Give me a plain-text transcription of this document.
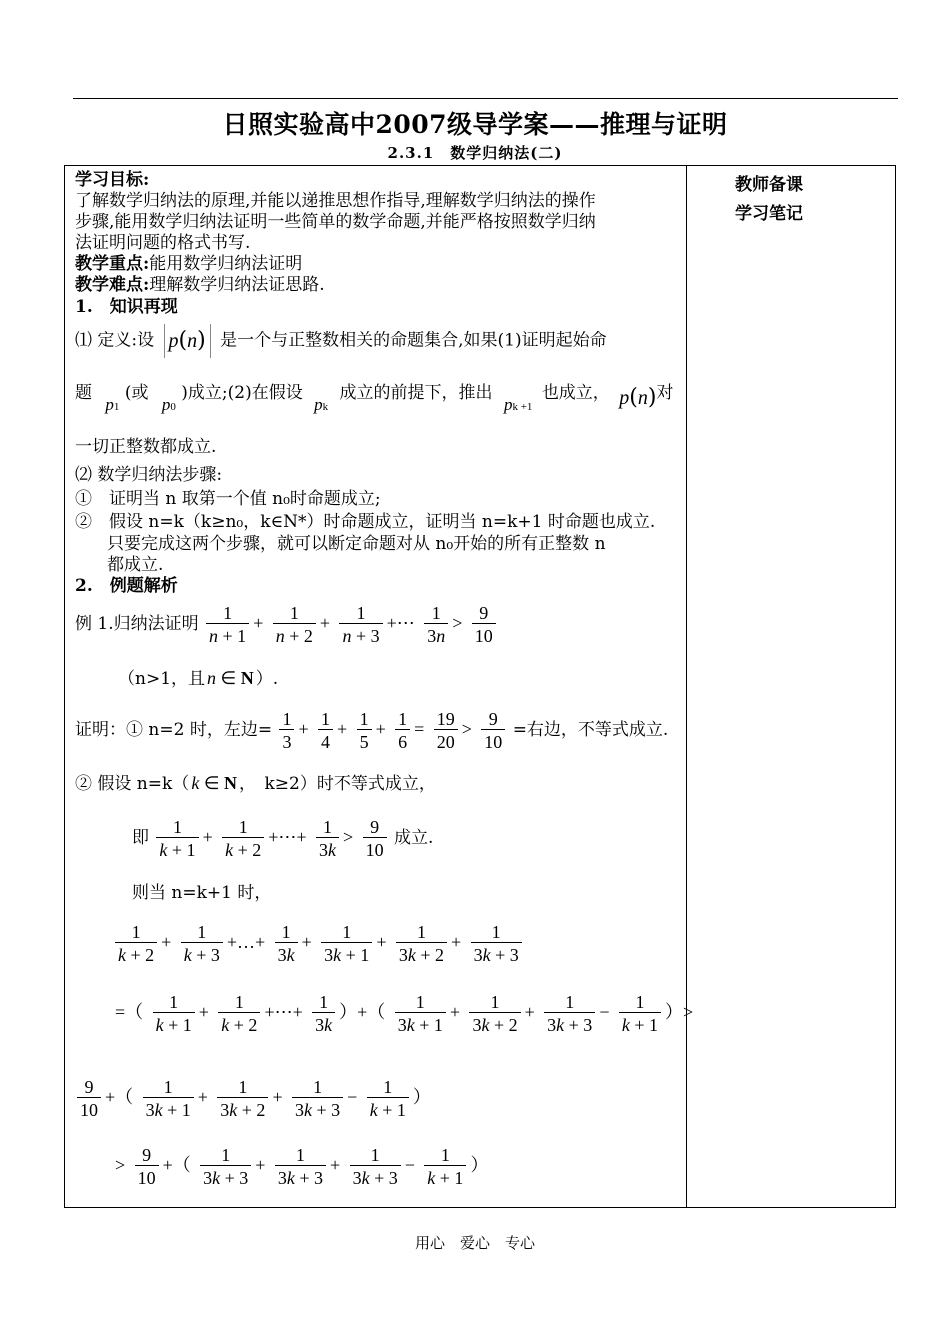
日照实验高中2007级导学案——推理与证明
2.3.1　数学归纳法(二)
教师备课
学习笔记
学习目标:
了解数学归纳法的原理,并能以递推思想作指导,理解数学归纳法的操作
步骤,能用数学归纳法证明一些简单的数学命题,并能严格按照数学归纳
法证明问题的格式书写.
教学重点:能用数学归纳法证明
教学难点:理解数学归纳法证思路.
1.　知识再现
⑴ 定义:设 p(n) 是一个与正整数相关的命题集合,如果(1)证明起始命
题 p1 (或 p0 )成立;(2)在假设 pk 成立的前提下，推出 pk +1 也成立， p(n)对
一切正整数都成立.
⑵ 数学归纳法步骤:
①　证明当 n 取第一个值 n₀时命题成立;
②　假设 n=k（k≥n₀，k∈N*）时命题成立，证明当 n=k+1 时命题也成立.
只要完成这两个步骤，就可以断定命题对从 n₀开始的所有正整数 n
都成立.
2.　例题解析
例 1.归纳法证明 $\frac{1}{n + 1} + \frac{1}{n + 2} + \frac{1}{n + 3}$ +⋯ $\frac{1}{3n} > \frac{9}{10}$
（n>1，且 n ∈ N ）.
证明：① n=2 时，左边= $\frac{1}{3} + \frac{1}{4} + \frac{1}{5} + \frac{1}{6} = \frac{19}{20} > \frac{9}{10}$ =右边，不等式成立.
② 假设 n=k（ k ∈ N ，　k≥2）时不等式成立，
即 $\frac{1}{k + 1} + \frac{1}{k + 2}$ +⋯+ $\frac{1}{3k} > \frac{9}{10}$ 成立.
则当 n=k+1 时，
$\frac{1}{k + 2} + \frac{1}{k + 3}$ +…+ $\frac{1}{3k} + \frac{1}{3k + 1} + \frac{1}{3k + 2} + \frac{1}{3k + 3}$
=（ $\frac{1}{k + 1} + \frac{1}{k + 2}$ +⋯+ $\frac{1}{3k}$ ）+（ $\frac{1}{3k + 1} + \frac{1}{3k + 2} + \frac{1}{3k + 3} - \frac{1}{k + 1}$ ）>
$\frac{9}{10}$ +（ $\frac{1}{3k + 1} + \frac{1}{3k + 2} + \frac{1}{3k + 3} - \frac{1}{k + 1}$ ）
> $\frac{9}{10}$ +（ $\frac{1}{3k + 3} + \frac{1}{3k + 3} + \frac{1}{3k + 3} - \frac{1}{k + 1}$ ）
用心　爱心　专心
